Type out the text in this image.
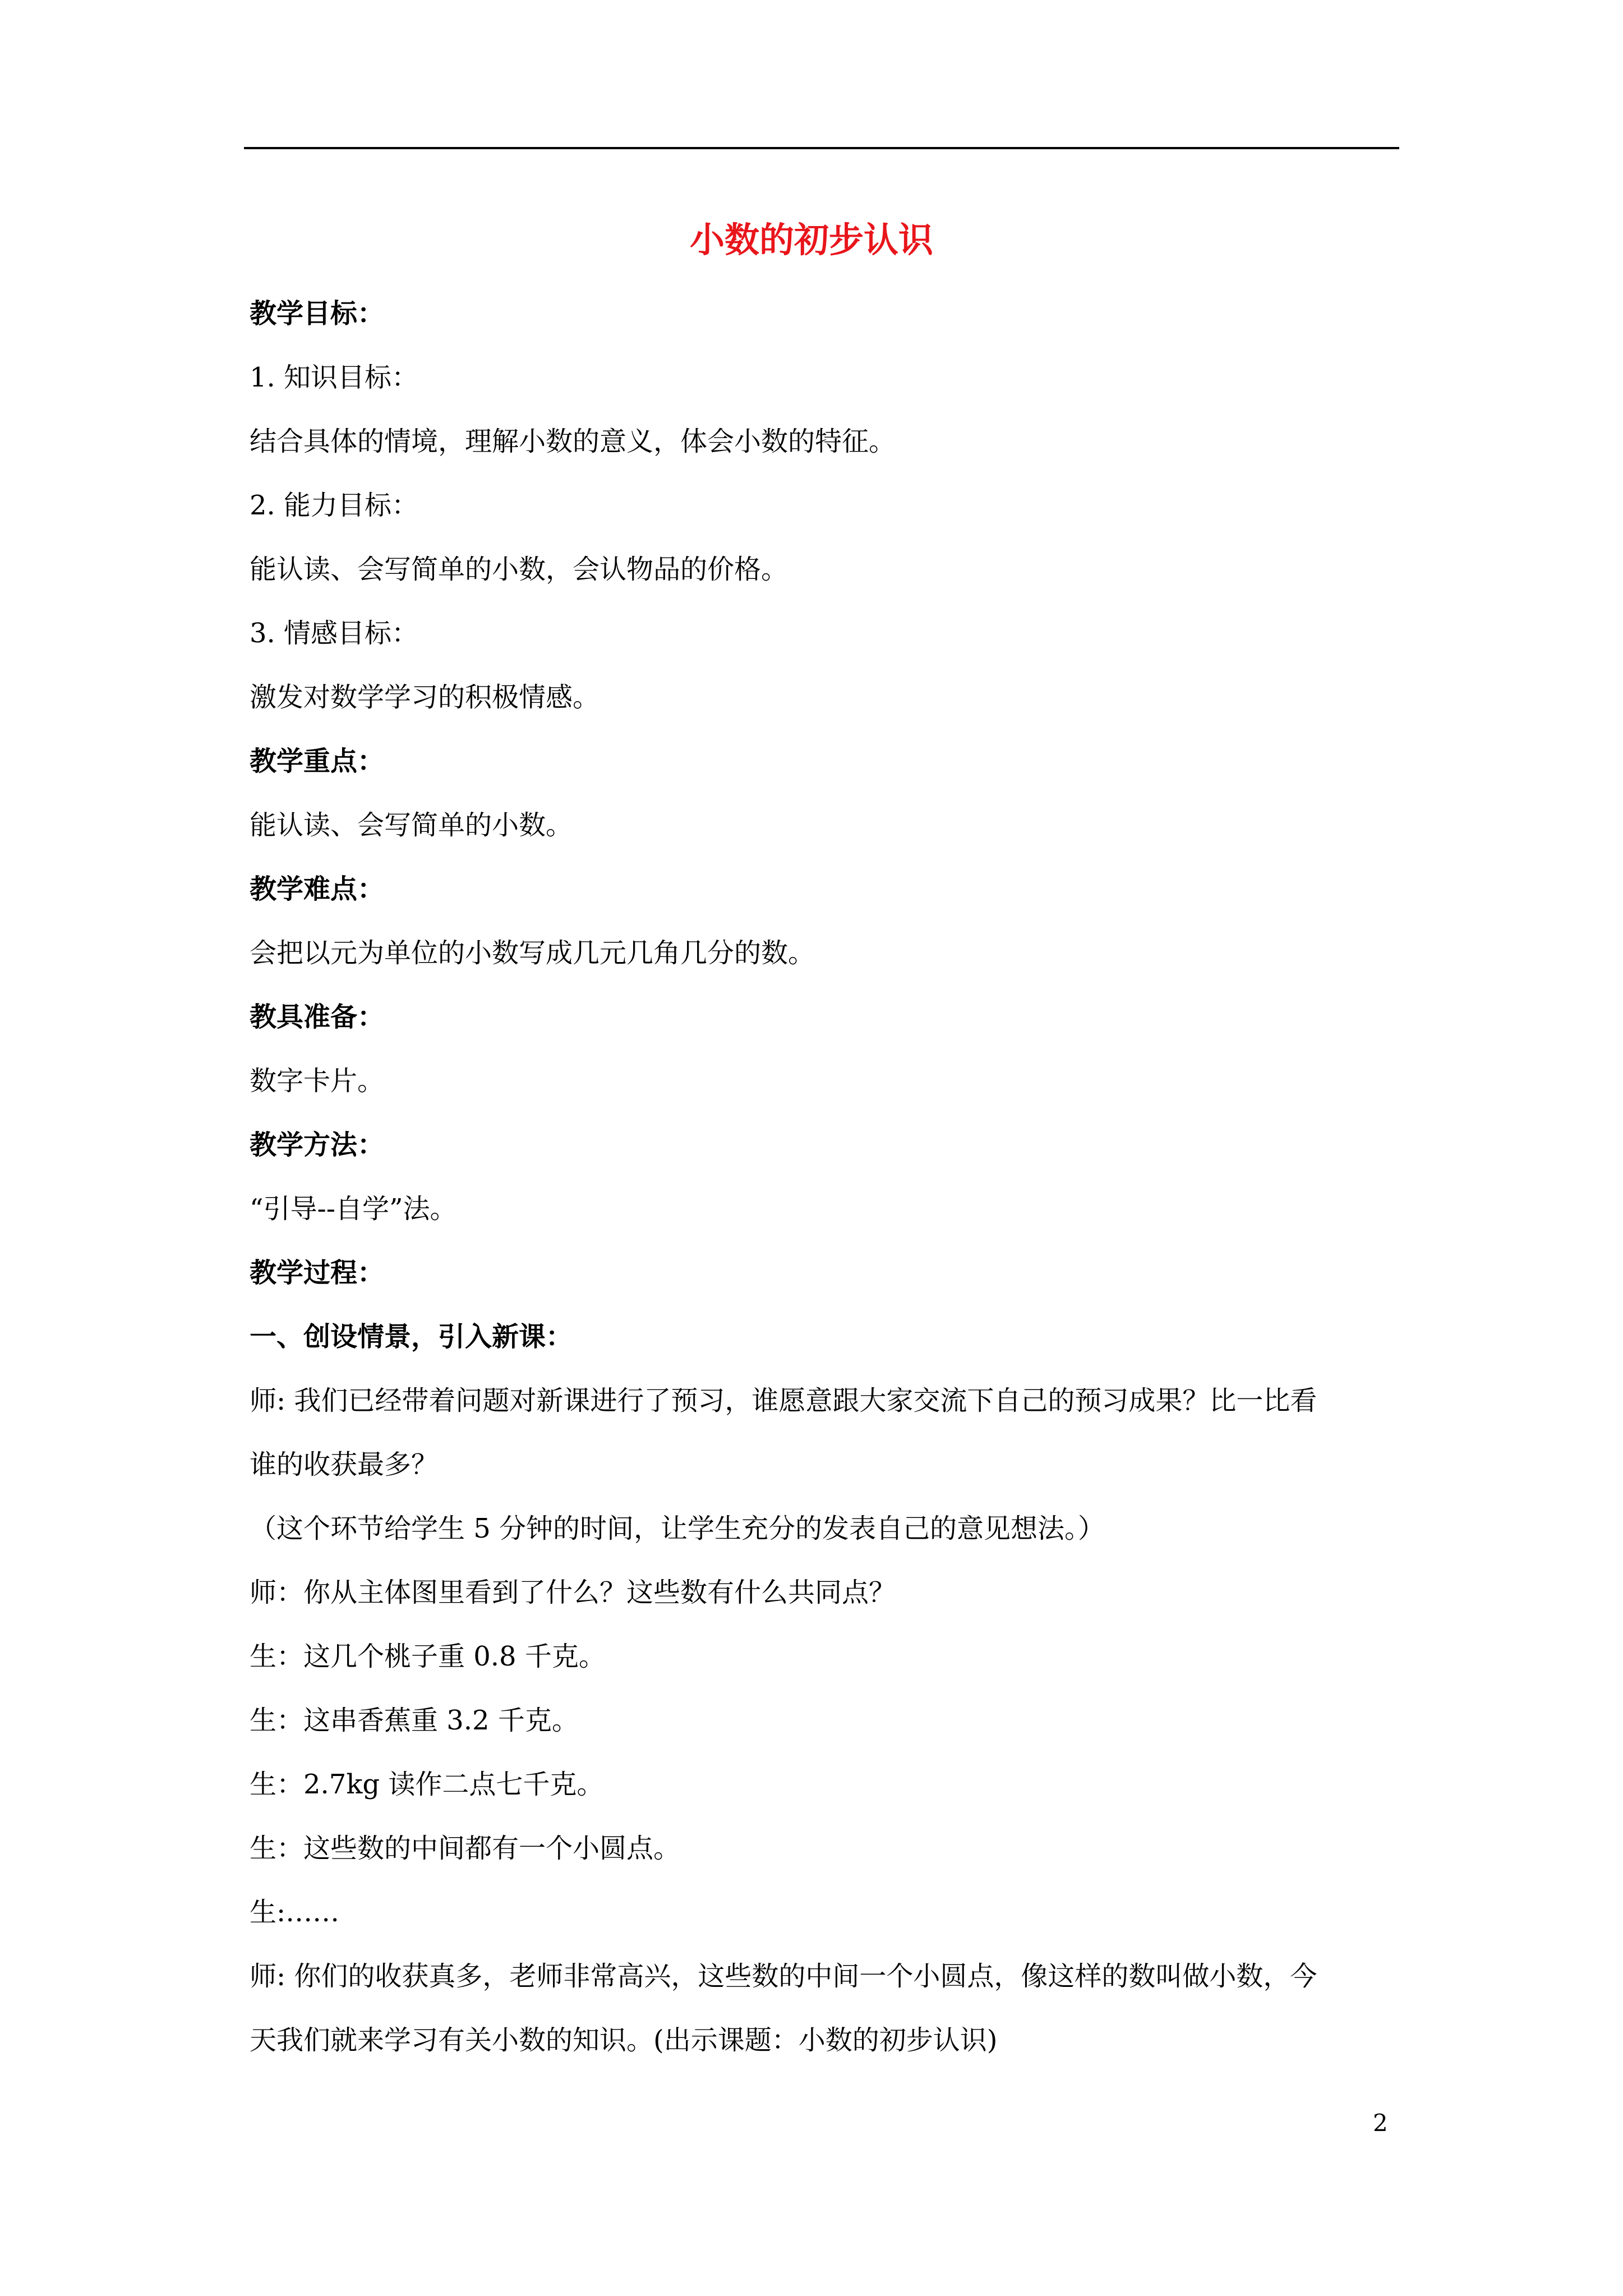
小数的初步认识
教学目标：
1. 知识目标：
结合具体的情境，理解小数的意义，体会小数的特征。
2. 能力目标：
能认读、会写简单的小数，会认物品的价格。
3. 情感目标：
激发对数学学习的积极情感。
教学重点：
能认读、会写简单的小数。
教学难点：
会把以元为单位的小数写成几元几角几分的数。
教具准备：
数字卡片。
教学方法：
“引导--自学”法。
教学过程：
一、创设情景，引入新课：
师: 我们已经带着问题对新课进行了预习，谁愿意跟大家交流下自己的预习成果？比一比看
谁的收获最多？
（这个环节给学生 5 分钟的时间，让学生充分的发表自己的意见想法。）
师：你从主体图里看到了什么？这些数有什么共同点？
生：这几个桃子重 0.8 千克。
生：这串香蕉重 3.2 千克。
生：2.7kg 读作二点七千克。
生：这些数的中间都有一个小圆点。
生:……
师: 你们的收获真多，老师非常高兴，这些数的中间一个小圆点，像这样的数叫做小数，今
天我们就来学习有关小数的知识。(出示课题：小数的初步认识)
2
